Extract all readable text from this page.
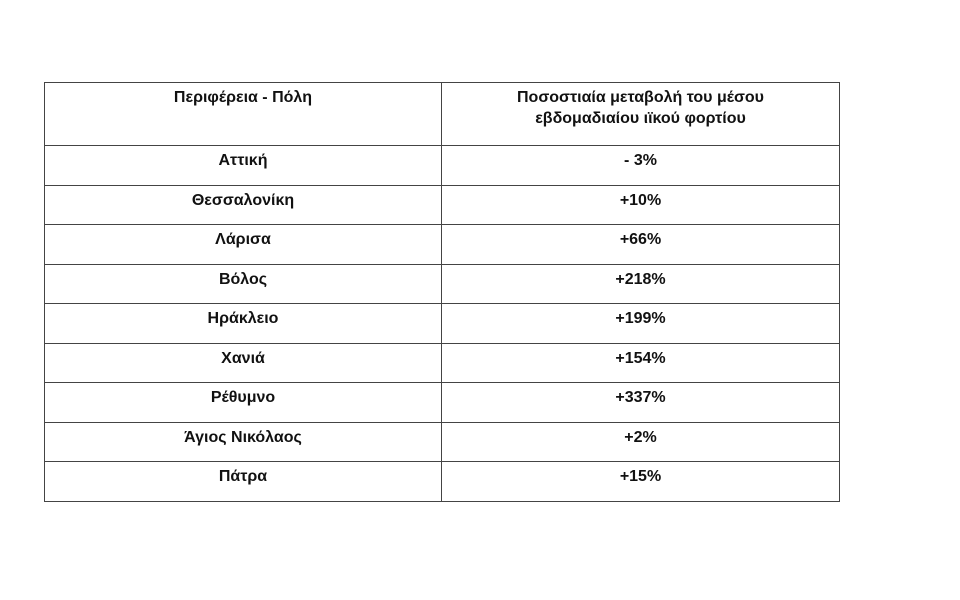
Περιφέρεια - Πόλη	Ποσοστιαία μεταβολή του μέσου
εβδομαδιαίου ιϊκού φορτίου

Αττική	- 3%
Θεσσαλονίκη	+10%
Λάρισα	+66%
Βόλος	+218%
Ηράκλειο	+199%
Χανιά	+154%
Ρέθυμνο	+337%
Άγιος Νικόλαος	+2%
Πάτρα	+15%
